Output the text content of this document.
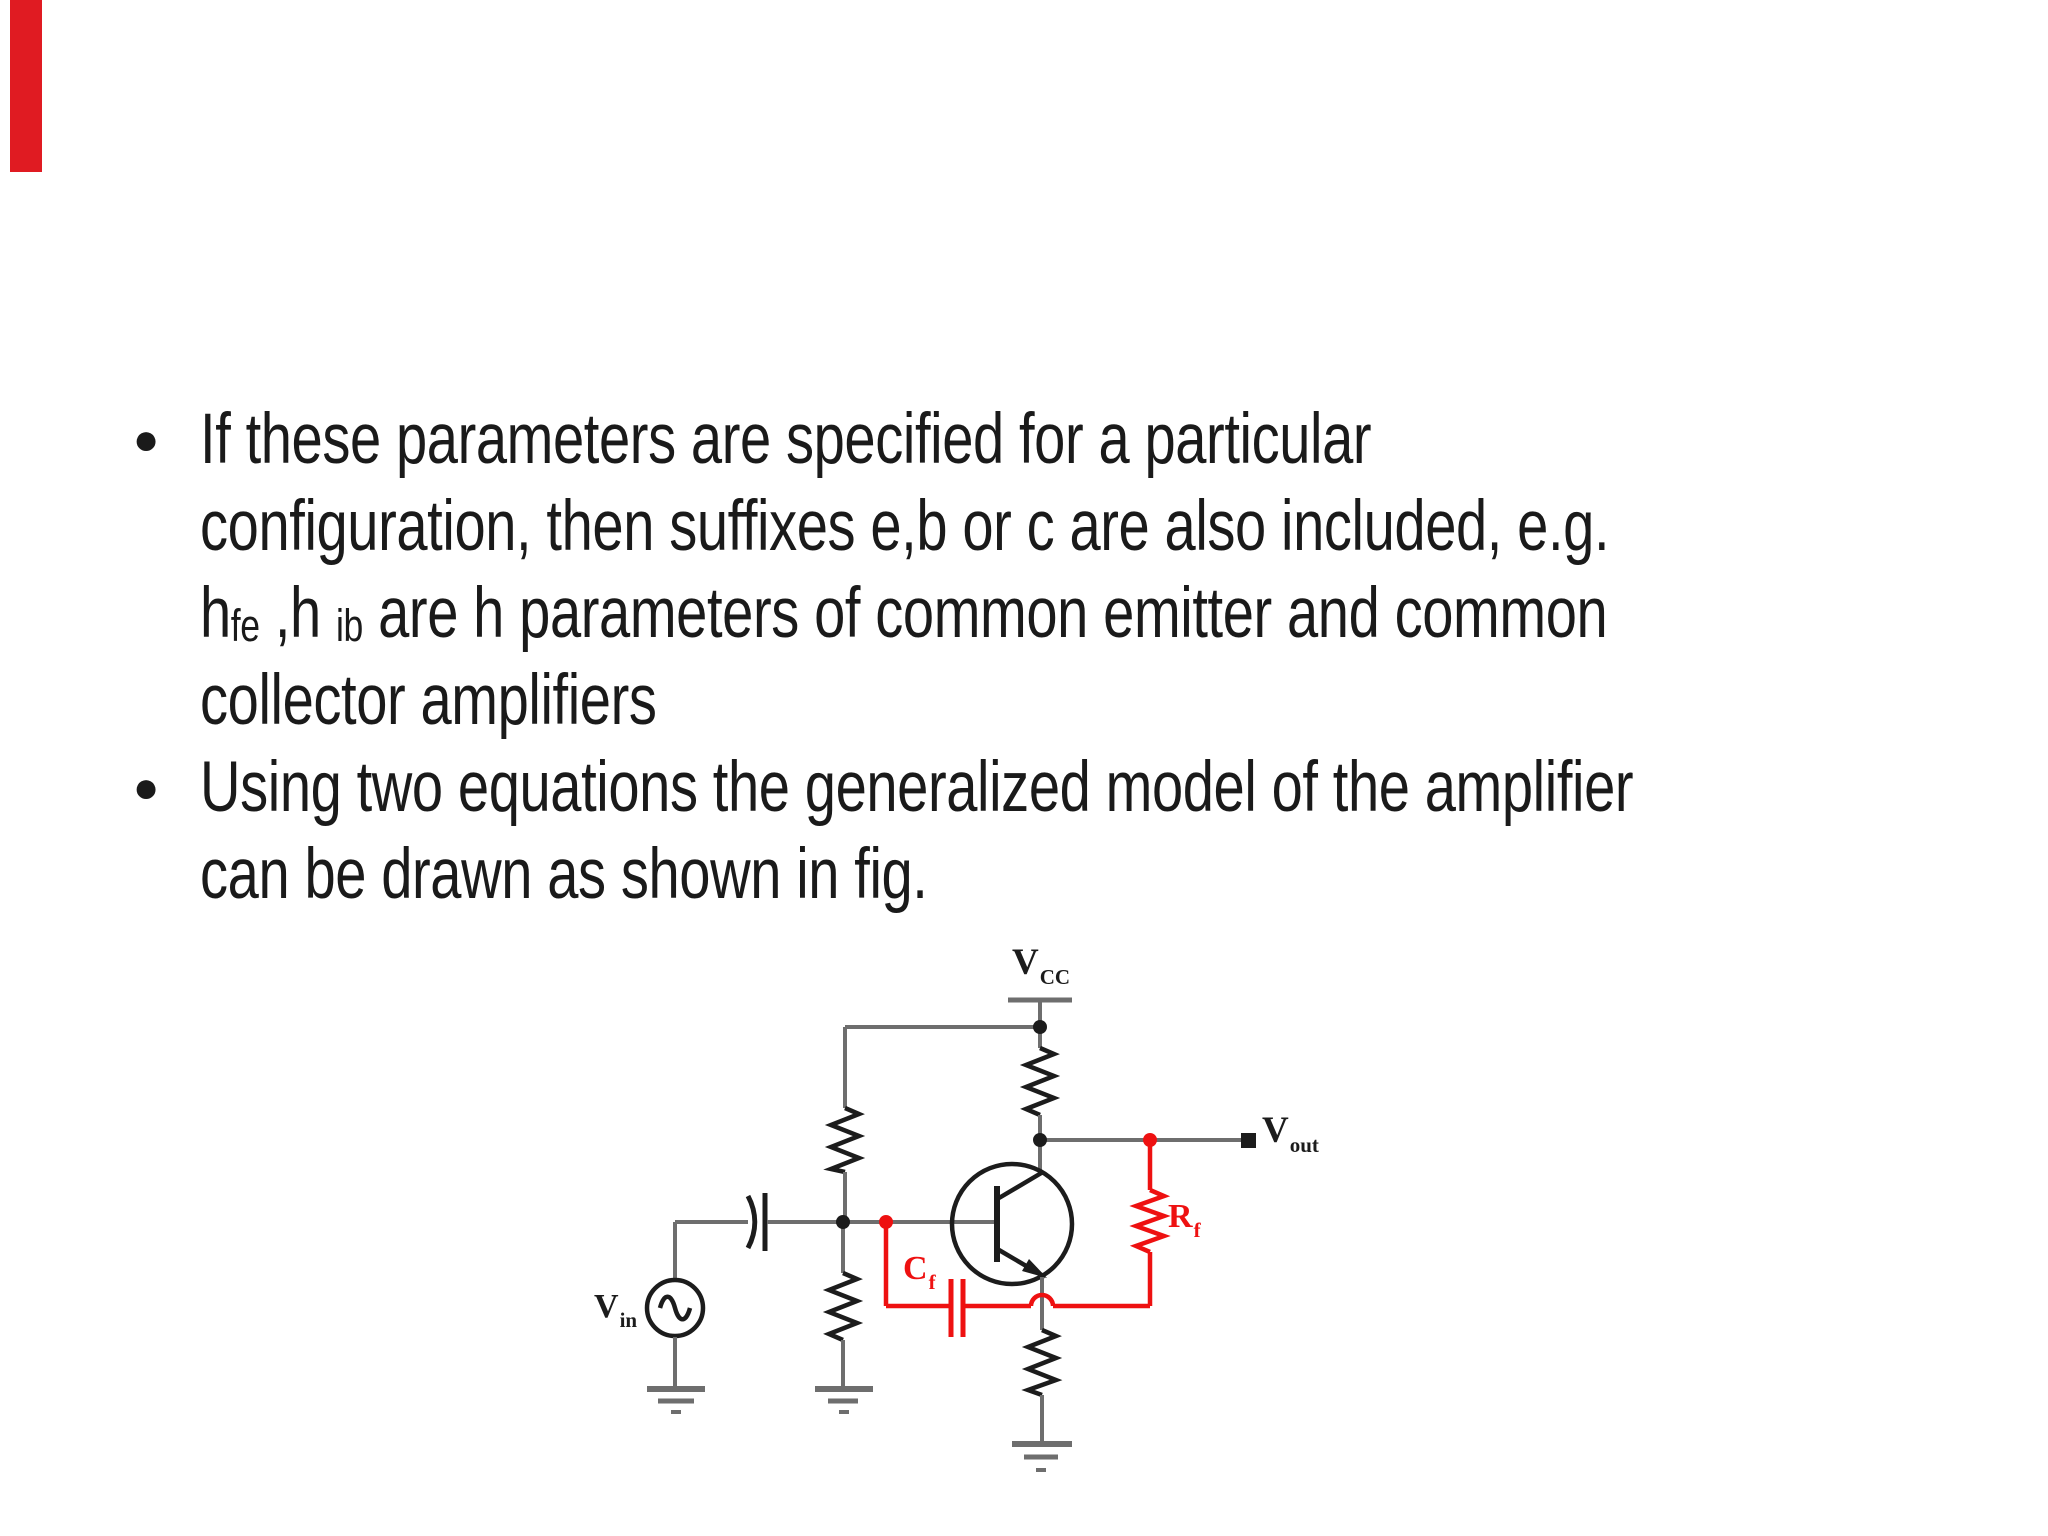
●
●
If these parameters are specified for a particular
configuration, then suffixes e,b or c are also included, e.g.
$h_{fe}$ ,h $_{ib}$ are h parameters of common emitter and common
collector amplifiers
Using two equations the generalized model of the amplifier
can be drawn as shown in fig.
$V_{CC}$
$V_{in}$
$V_{out}$
$C_f$
$R_f$
